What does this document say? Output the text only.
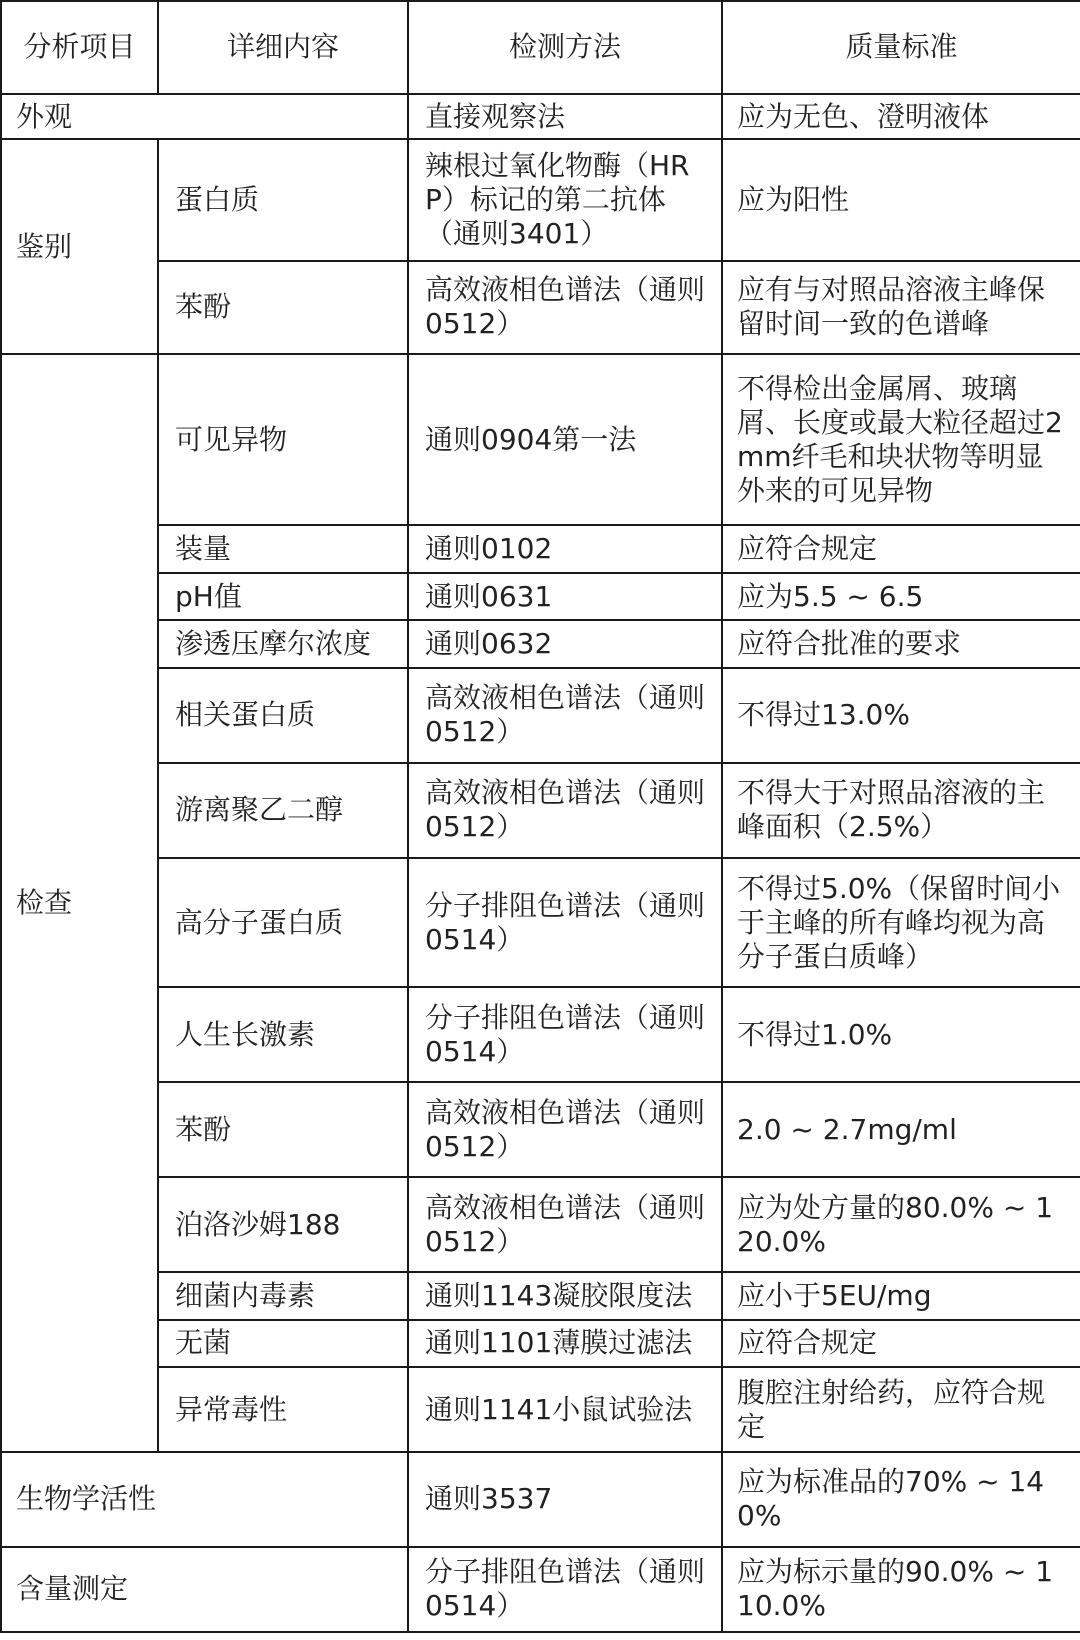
分析项目	详细内容	检测方法	质量标准
外观		直接观察法	应为无色、澄明液体
鉴别	蛋白质	辣根过氧化物酶（HRP）标记的第二抗体（通则3401）	应为阳性
	苯酚	高效液相色谱法（通则0512）	应有与对照品溶液主峰保留时间一致的色谱峰
检查	可见异物	通则0904第一法	不得检出金属屑、玻璃屑、长度或最大粒径超过2mm纤毛和块状物等明显外来的可见异物
	装量	通则0102	应符合规定
	pH值	通则0631	应为5.5 ~ 6.5
	渗透压摩尔浓度	通则0632	应符合批准的要求
	相关蛋白质	高效液相色谱法（通则0512）	不得过13.0%
	游离聚乙二醇	高效液相色谱法（通则0512）	不得大于对照品溶液的主峰面积（2.5%）
	高分子蛋白质	分子排阻色谱法（通则0514）	不得过5.0%（保留时间小于主峰的所有峰均视为高分子蛋白质峰）
	人生长激素	分子排阻色谱法（通则0514）	不得过1.0%
	苯酚	高效液相色谱法（通则0512）	2.0 ~ 2.7mg/ml
	泊洛沙姆188	高效液相色谱法（通则0512）	应为处方量的80.0% ~ 120.0%
	细菌内毒素	通则1143凝胶限度法	应小于5EU/mg
	无菌	通则1101薄膜过滤法	应符合规定
	异常毒性	通则1141小鼠试验法	腹腔注射给药，应符合规定
生物学活性		通则3537	应为标准品的70% ~ 140%
含量测定		分子排阻色谱法（通则0514）	应为标示量的90.0% ~ 110.0%
